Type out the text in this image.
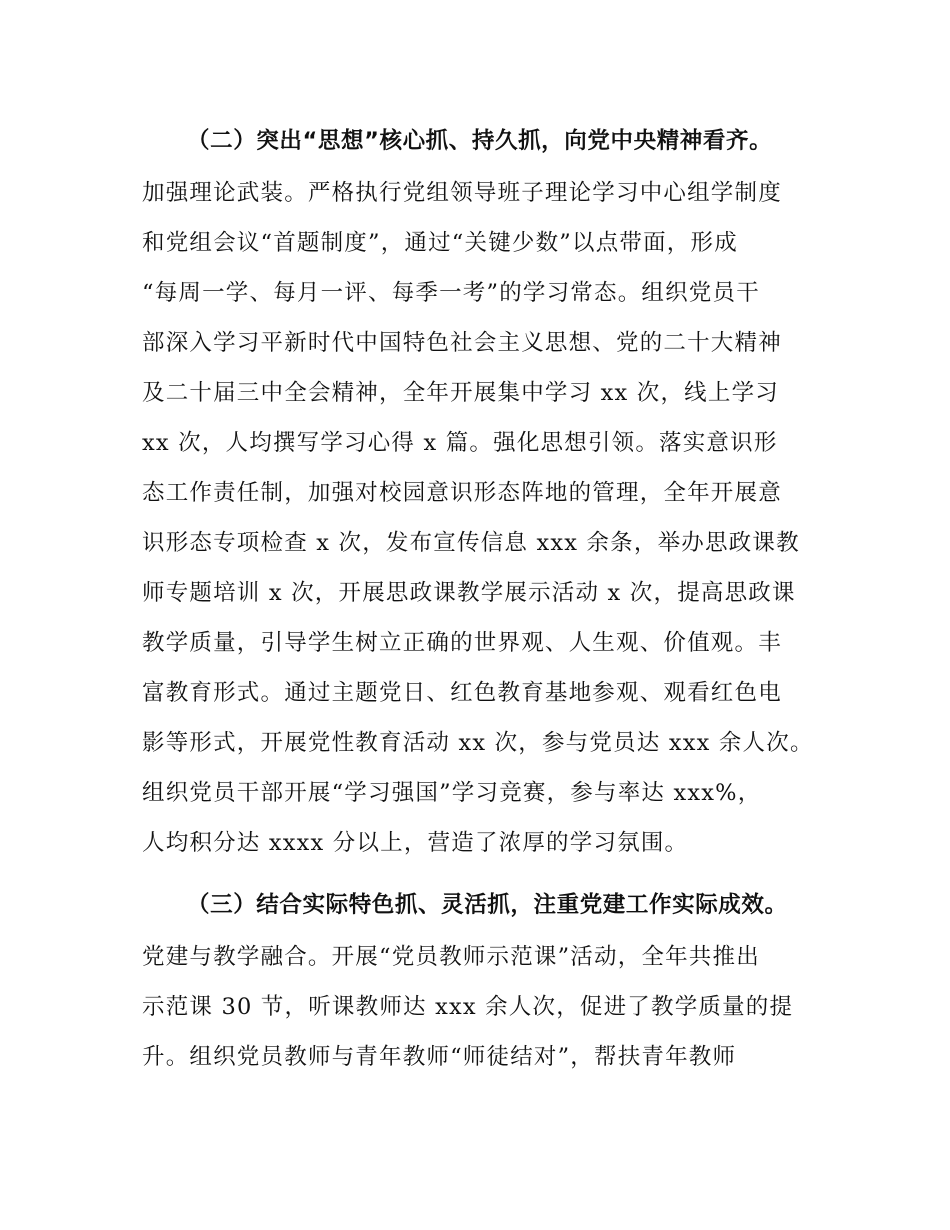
（二）突出“思想”核心抓、持久抓，向党中央精神看齐。
加强理论武装。严格执行党组领导班子理论学习中心组学制度
和党组会议“首题制度”，通过“关键少数”以点带面，形成
“每周一学、每月一评、每季一考”的学习常态。组织党员干
部深入学习平新时代中国特色社会主义思想、党的二十大精神
及二十届三中全会精神，全年开展集中学习 xx 次，线上学习
xx 次，人均撰写学习心得 x 篇。强化思想引领。落实意识形
态工作责任制，加强对校园意识形态阵地的管理，全年开展意
识形态专项检查 x 次，发布宣传信息 xxx 余条，举办思政课教
师专题培训 x 次，开展思政课教学展示活动 x 次，提高思政课
教学质量，引导学生树立正确的世界观、人生观、价值观。丰
富教育形式。通过主题党日、红色教育基地参观、观看红色电
影等形式，开展党性教育活动 xx 次，参与党员达 xxx 余人次。
组织党员干部开展“学习强国”学习竞赛，参与率达 xxx%，
人均积分达 xxxx 分以上，营造了浓厚的学习氛围。
（三）结合实际特色抓、灵活抓，注重党建工作实际成效。
党建与教学融合。开展“党员教师示范课”活动，全年共推出
示范课 30 节，听课教师达 xxx 余人次，促进了教学质量的提
升。组织党员教师与青年教师“师徒结对”，帮扶青年教师
